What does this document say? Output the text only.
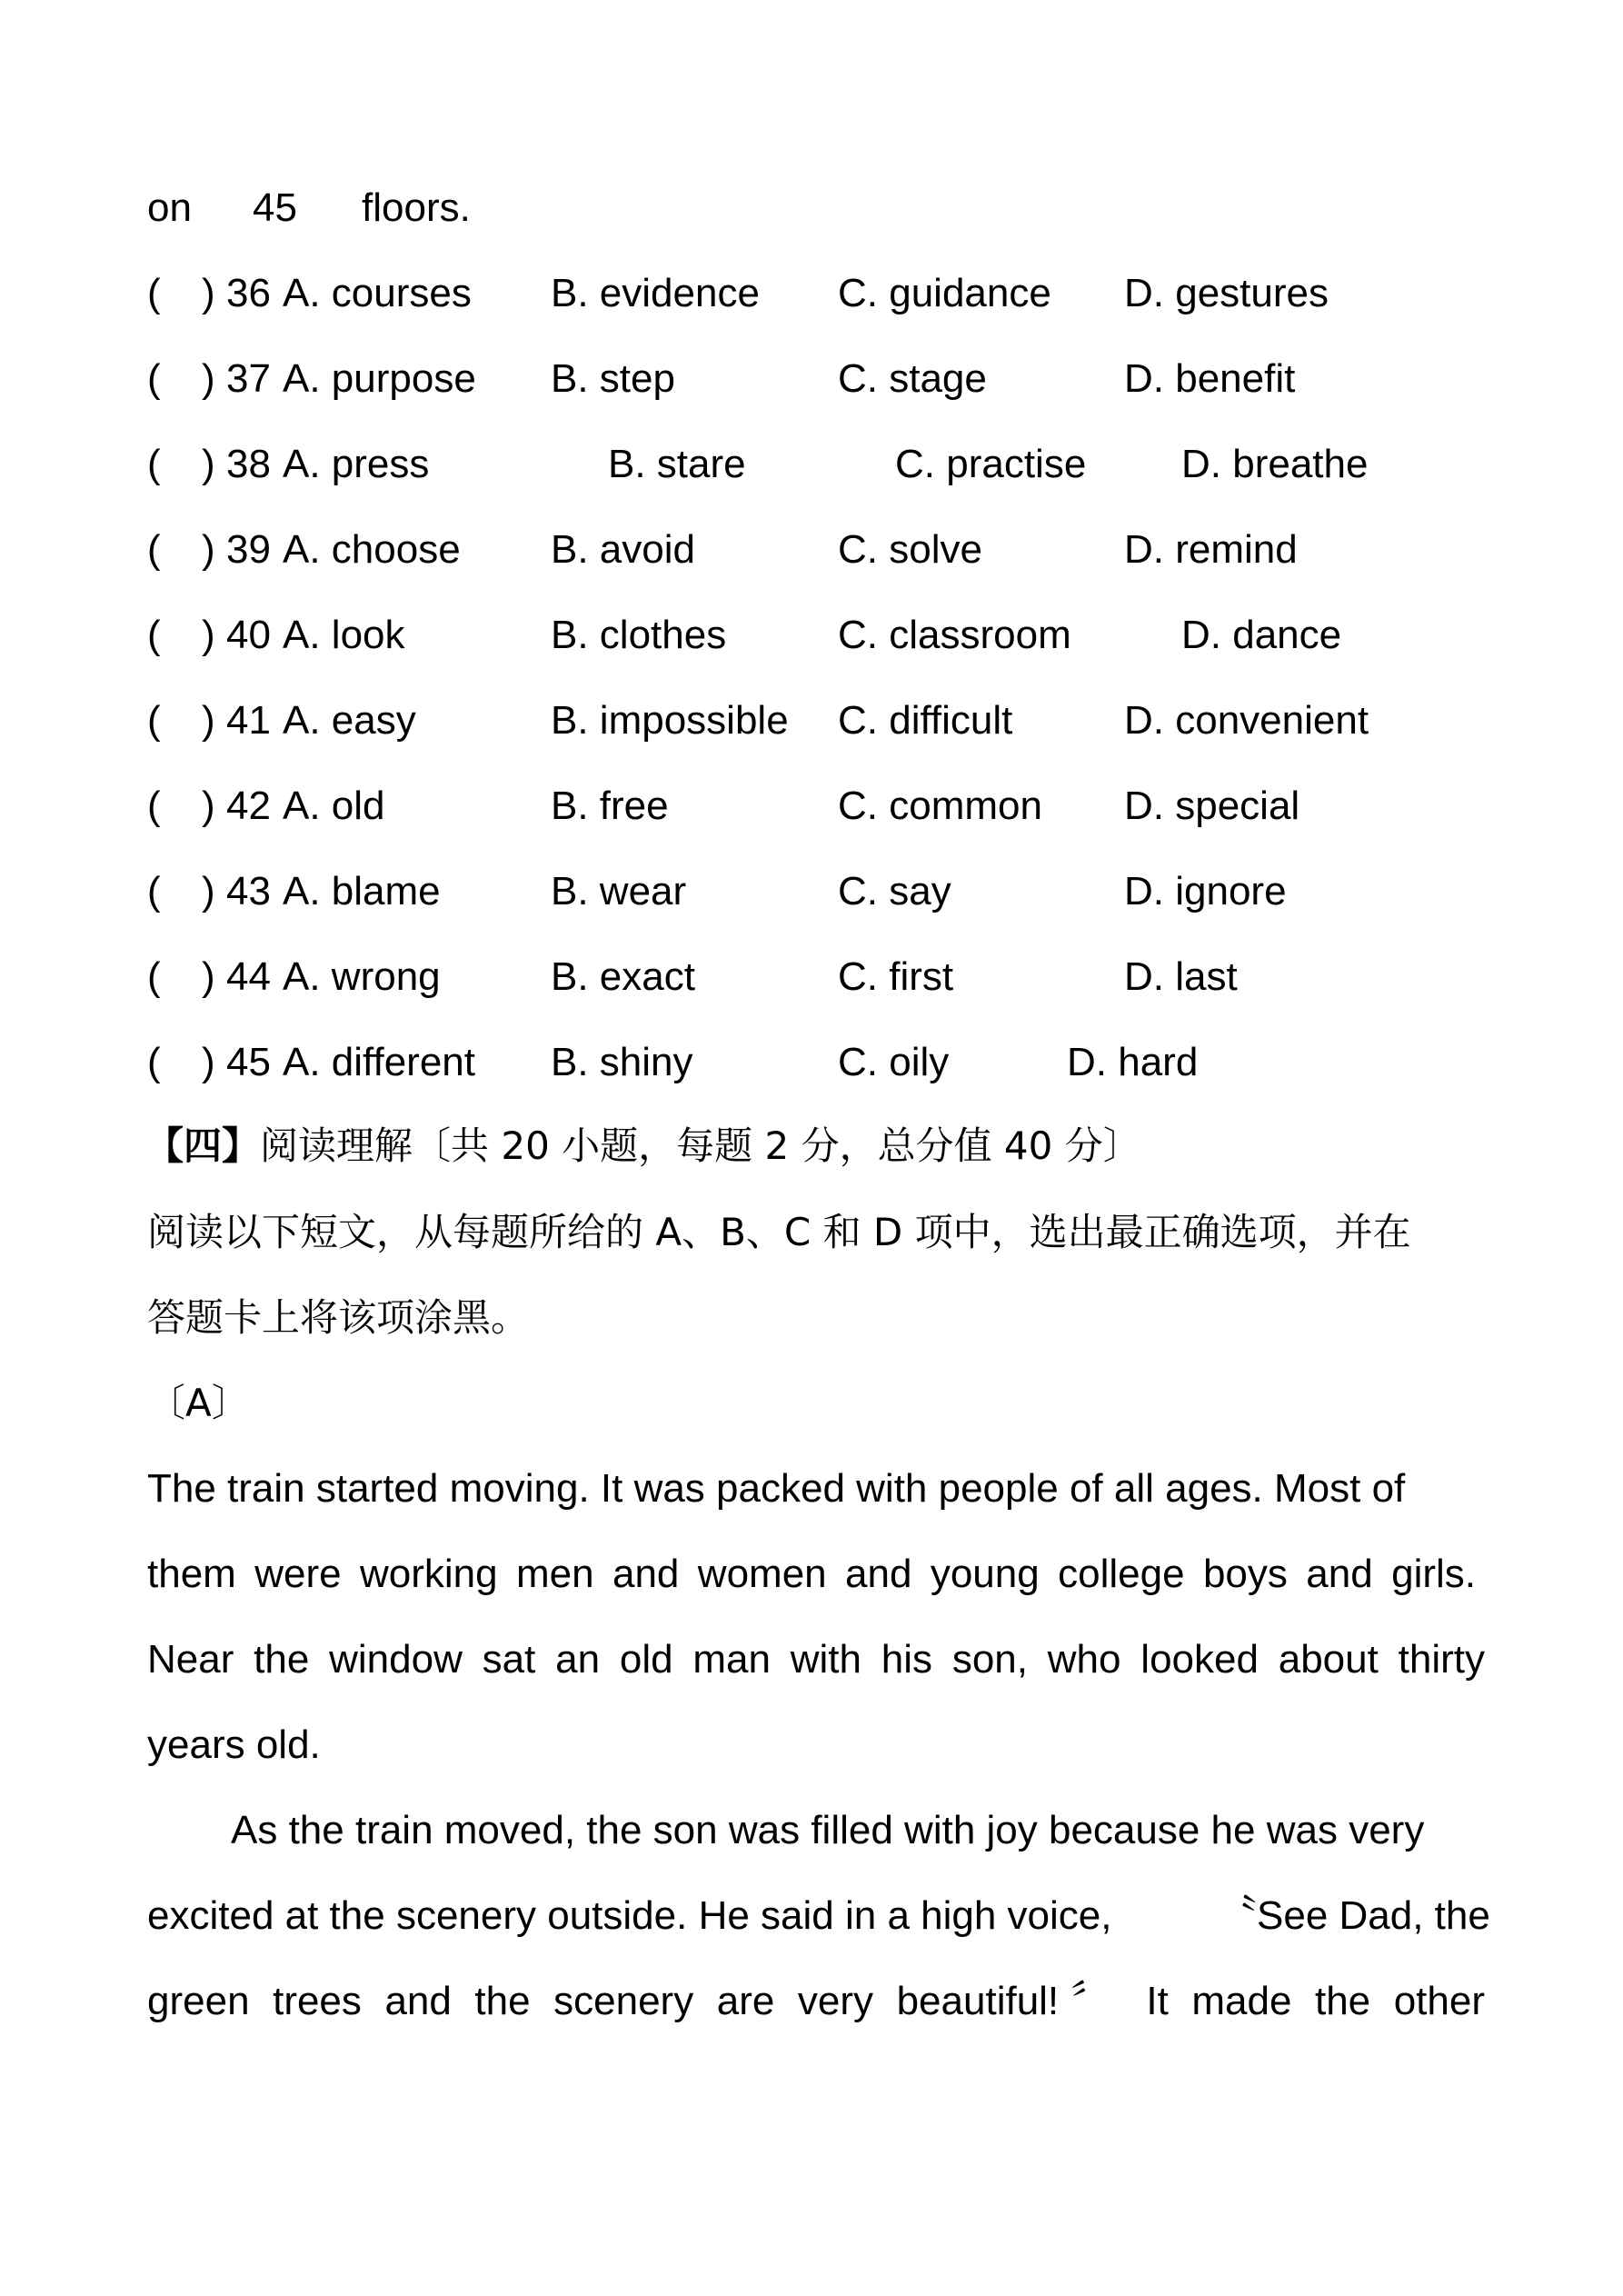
on 45 floors.
( ) 36 A. courses B. evidence C. guidance D. gestures
( ) 37 A. purpose B. step	C. stage	D. benefit
( ) 38 A. press	B. stare	C. practise D. breathe
( ) 39 A. choose B. avoid	C. solve	D. remind
( ) 40 A. look	B. clothes	C. classroom	D. dance
( ) 41 A. easy	B. impossible C. difficult	D. convenient
( ) 42 A. old	B. free	C. common D. special
( ) 43 A. blame	B. wear	C. say	D. ignore
( ) 44 A. wrong	B. exact	C. first	D. last
( ) 45 A. different B. shiny	C. oily	D. hard
【四】阅读理解〔共 20 小题，每题 2 分，总分值 40 分〕
阅读以下短文，从每题所给的 A、B、C 和 D 项中，选出最正确选项，并在
答题卡上将该项涂黑。
〔A〕
The train started moving. It was packed with people of all ages. Most of
them were working men and women and young college boys and girls.
Near the window sat an old man with his son, who looked about thirty
years old.
As the train moved, the son was filled with joy because he was very
excited at the scenery outside. He said in a high voice,	〝See Dad, the
green trees and the scenery are very beautiful!〞 It made the other
